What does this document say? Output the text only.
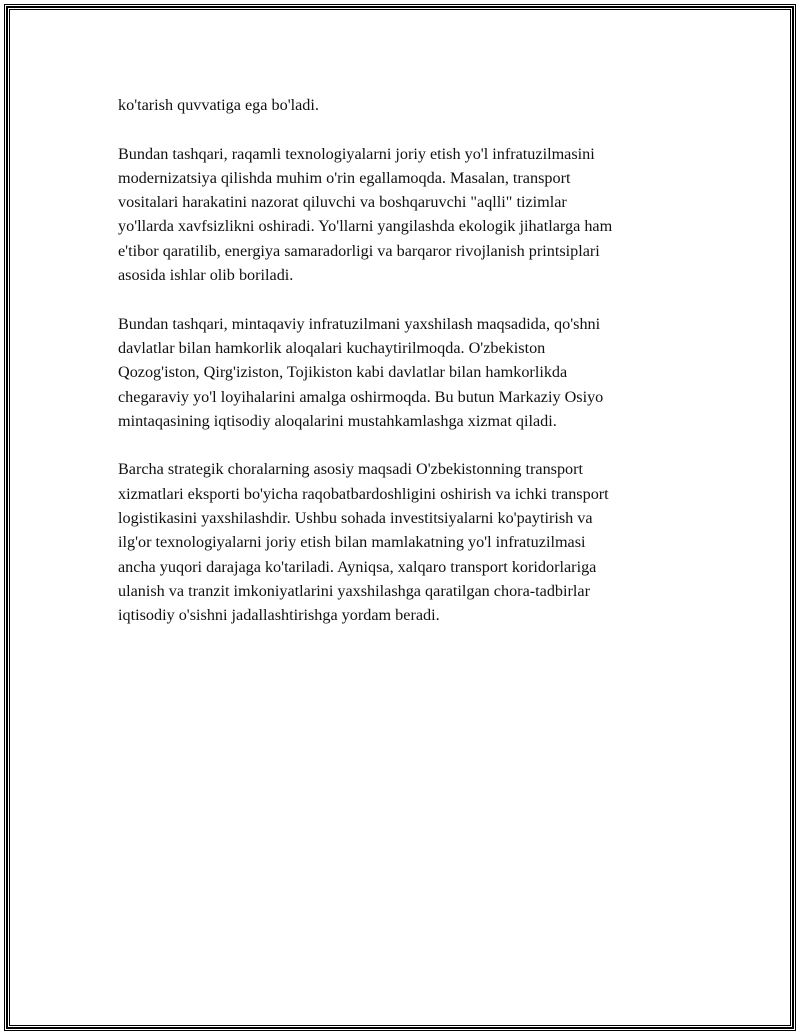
ko'tarish quvvatiga ega bo'ladi.

Bundan tashqari, raqamli texnologiyalarni joriy etish yo'l infratuzilmasini
modernizatsiya qilishda muhim o'rin egallamoqda. Masalan, transport
vositalari harakatini nazorat qiluvchi va boshqaruvchi "aqlli" tizimlar
yo'llarda xavfsizlikni oshiradi. Yo'llarni yangilashda ekologik jihatlarga ham
e'tibor qaratilib, energiya samaradorligi va barqaror rivojlanish printsiplari
asosida ishlar olib boriladi.

Bundan tashqari, mintaqaviy infratuzilmani yaxshilash maqsadida, qo'shni
davlatlar bilan hamkorlik aloqalari kuchaytirilmoqda. O'zbekiston
Qozog'iston, Qirg'iziston, Tojikiston kabi davlatlar bilan hamkorlikda
chegaraviy yo'l loyihalarini amalga oshirmoqda. Bu butun Markaziy Osiyo
mintaqasining iqtisodiy aloqalarini mustahkamlashga xizmat qiladi.

Barcha strategik choralarning asosiy maqsadi O'zbekistonning transport
xizmatlari eksporti bo'yicha raqobatbardoshligini oshirish va ichki transport
logistikasini yaxshilashdir. Ushbu sohada investitsiyalarni ko'paytirish va
ilg'or texnologiyalarni joriy etish bilan mamlakatning yo'l infratuzilmasi
ancha yuqori darajaga ko'tariladi. Ayniqsa, xalqaro transport koridorlariga
ulanish va tranzit imkoniyatlarini yaxshilashga qaratilgan chora-tadbirlar
iqtisodiy o'sishni jadallashtirishga yordam beradi.
